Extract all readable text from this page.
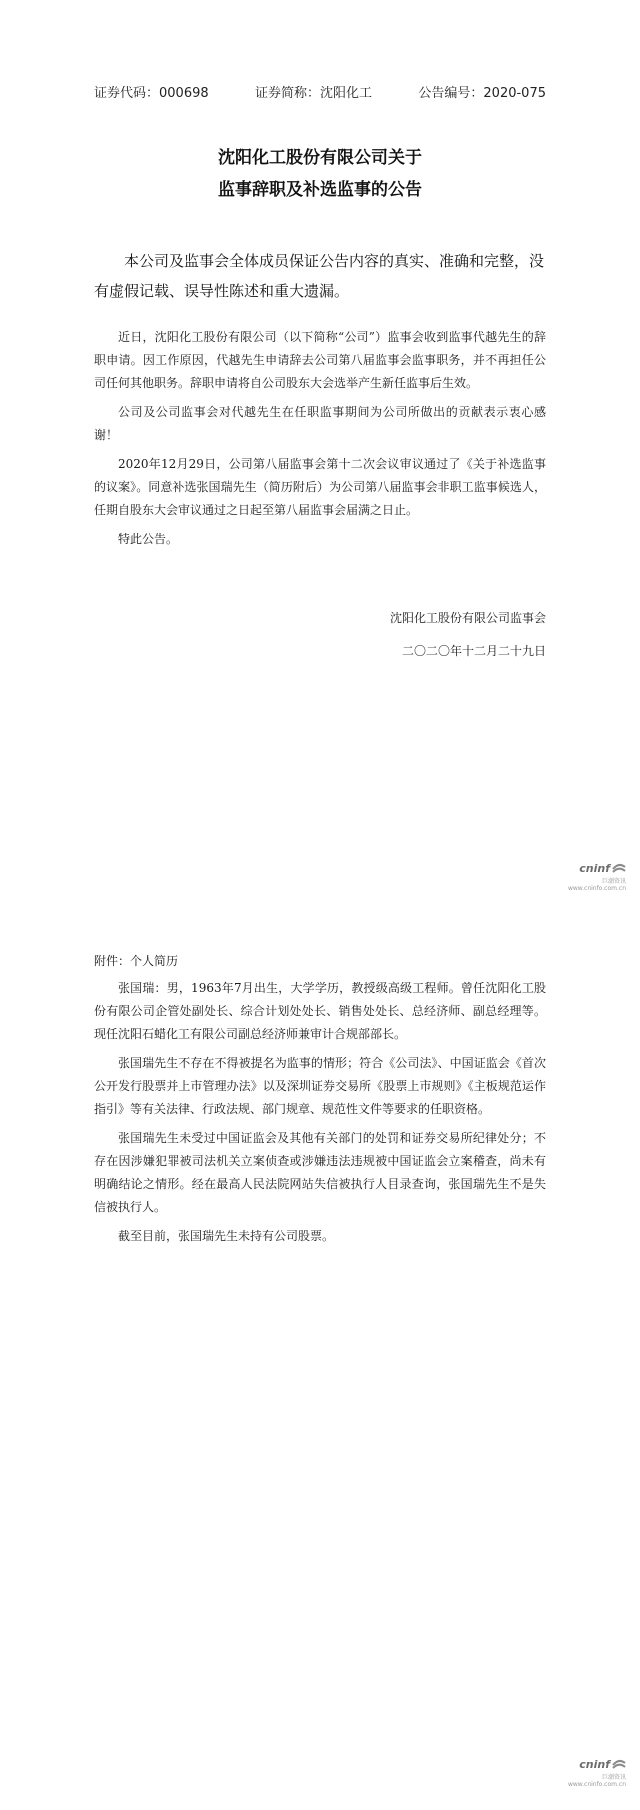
证券代码：000698	证券简称：沈阳化工	公告编号：2020-075
沈阳化工股份有限公司关于
监事辞职及补选监事的公告

本公司及监事会全体成员保证公告内容的真实、准确和完整，没有虚假记载、误导性陈述和重大遗漏。

近日，沈阳化工股份有限公司（以下简称“公司”）监事会收到监事代越先生的辞职申请。因工作原因，代越先生申请辞去公司第八届监事会监事职务，并不再担任公司任何其他职务。辞职申请将自公司股东大会选举产生新任监事后生效。

公司及公司监事会对代越先生在任职监事期间为公司所做出的贡献表示衷心感谢！

2020年12月29日，公司第八届监事会第十二次会议审议通过了《关于补选监事的议案》。同意补选张国瑞先生（简历附后）为公司第八届监事会非职工监事候选人，任期自股东大会审议通过之日起至第八届监事会届满之日止。

特此公告。

沈阳化工股份有限公司监事会
二〇二〇年十二月二十九日
cninf
巨潮资讯
www.cninfo.com.cn

附件：个人简历

张国瑞：男，1963年7月出生，大学学历，教授级高级工程师。曾任沈阳化工股份有限公司企管处副处长、综合计划处处长、销售处处长、总经济师、副总经理等。现任沈阳石蜡化工有限公司副总经济师兼审计合规部部长。

张国瑞先生不存在不得被提名为监事的情形；符合《公司法》、中国证监会《首次公开发行股票并上市管理办法》以及深圳证券交易所《股票上市规则》《主板规范运作指引》等有关法律、行政法规、部门规章、规范性文件等要求的任职资格。

张国瑞先生未受过中国证监会及其他有关部门的处罚和证券交易所纪律处分；不存在因涉嫌犯罪被司法机关立案侦查或涉嫌违法违规被中国证监会立案稽查，尚未有明确结论之情形。经在最高人民法院网站失信被执行人目录查询，张国瑞先生不是失信被执行人。

截至目前，张国瑞先生未持有公司股票。

cninf
巨潮资讯
www.cninfo.com.cn
